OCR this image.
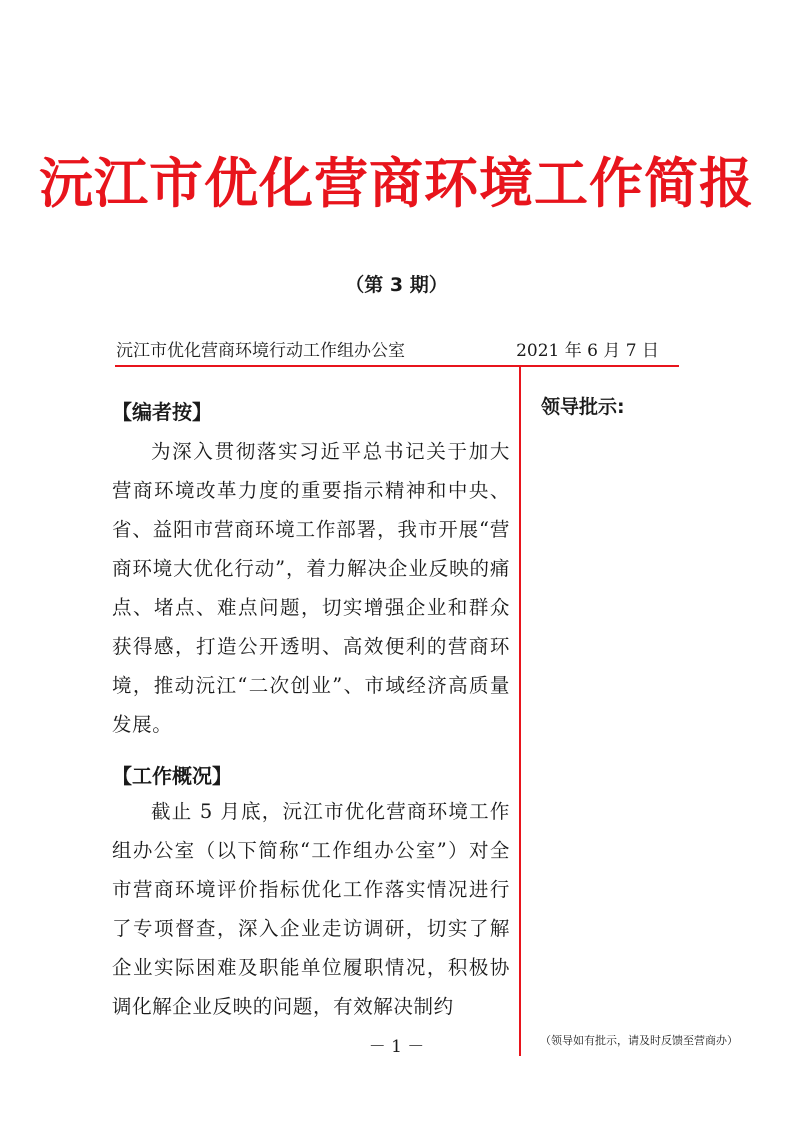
沅江市优化营商环境工作简报
（第 3 期）
沅江市优化营商环境行动工作组办公室	2021 年 6 月 7 日
领导批示:
（领导如有批示，请及时反馈至营商办）
【编者按】
为深入贯彻落实习近平总书记关于加大营商环境改革力度的重要指示精神和中央、省、益阳市营商环境工作部署，我市开展“营商环境大优化行动”，着力解决企业反映的痛点、堵点、难点问题，切实增强企业和群众获得感，打造公开透明、高效便利的营商环境，推动沅江“二次创业”、市域经济高质量发展。
【工作概况】
截止 5 月底，沅江市优化营商环境工作组办公室（以下简称“工作组办公室”）对全市营商环境评价指标优化工作落实情况进行了专项督查，深入企业走访调研，切实了解企业实际困难及职能单位履职情况，积极协调化解企业反映的问题，有效解决制约
－ 1 －
